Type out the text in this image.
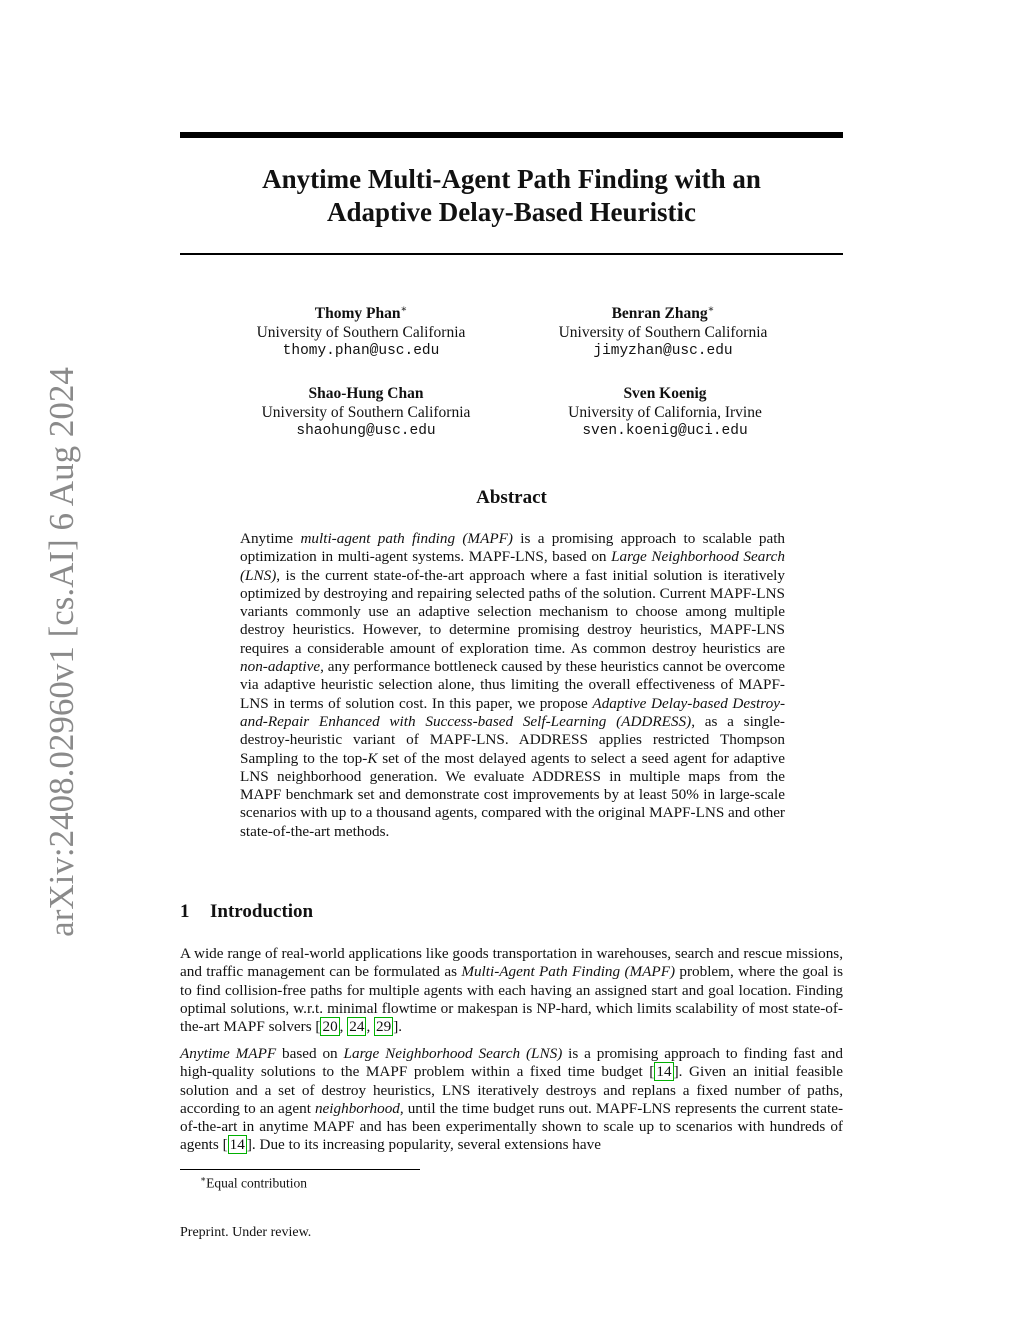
arXiv:2408.02960v1 [cs.AI] 6 Aug 2024
Anytime Multi-Agent Path Finding with an
Adaptive Delay-Based Heuristic
Thomy Phan∗
University of Southern California
thomy.phan@usc.edu
Benran Zhang∗
University of Southern California
jimyzhan@usc.edu
Shao-Hung Chan
University of Southern California
shaohung@usc.edu
Sven Koenig
University of California, Irvine
sven.koenig@uci.edu
Abstract
Anytime multi-agent path finding (MAPF) is a promising approach to scalable path optimization in multi-agent systems. MAPF-LNS, based on Large Neighborhood Search (LNS), is the current state-of-the-art approach where a fast initial solution is iteratively optimized by destroying and repairing selected paths of the solution. Current MAPF-LNS variants commonly use an adaptive selection mechanism to choose among multiple destroy heuristics. However, to determine promising destroy heuristics, MAPF-LNS requires a considerable amount of exploration time. As common destroy heuristics are non-adaptive, any performance bottleneck caused by these heuristics cannot be overcome via adaptive heuristic selection alone, thus limiting the overall effectiveness of MAPF-LNS in terms of solution cost. In this paper, we propose Adaptive Delay-based Destroy-and-Repair Enhanced with Success-based Self-Learning (ADDRESS), as a single-destroy-heuristic variant of MAPF-LNS. ADDRESS applies restricted Thompson Sampling to the top-K set of the most delayed agents to select a seed agent for adaptive LNS neighborhood generation. We evaluate ADDRESS in multiple maps from the MAPF benchmark set and demonstrate cost improvements by at least 50% in large-scale scenarios with up to a thousand agents, compared with the original MAPF-LNS and other state-of-the-art methods.
1 Introduction
A wide range of real-world applications like goods transportation in warehouses, search and rescue missions, and traffic management can be formulated as Multi-Agent Path Finding (MAPF) problem, where the goal is to find collision-free paths for multiple agents with each having an assigned start and goal location. Finding optimal solutions, w.r.t. minimal flowtime or makespan is NP-hard, which limits scalability of most state-of-the-art MAPF solvers [ 20 , 24 , 29 ].
Anytime MAPF based on Large Neighborhood Search (LNS) is a promising approach to finding fast and high-quality solutions to the MAPF problem within a fixed time budget [ 14 ]. Given an initial feasible solution and a set of destroy heuristics, LNS iteratively destroys and replans a fixed number of paths, according to an agent neighborhood, until the time budget runs out. MAPF-LNS represents the current state-of-the-art in anytime MAPF and has been experimentally shown to scale up to scenarios with hundreds of agents [ 14 ]. Due to its increasing popularity, several extensions have
∗Equal contribution
Preprint. Under review.
